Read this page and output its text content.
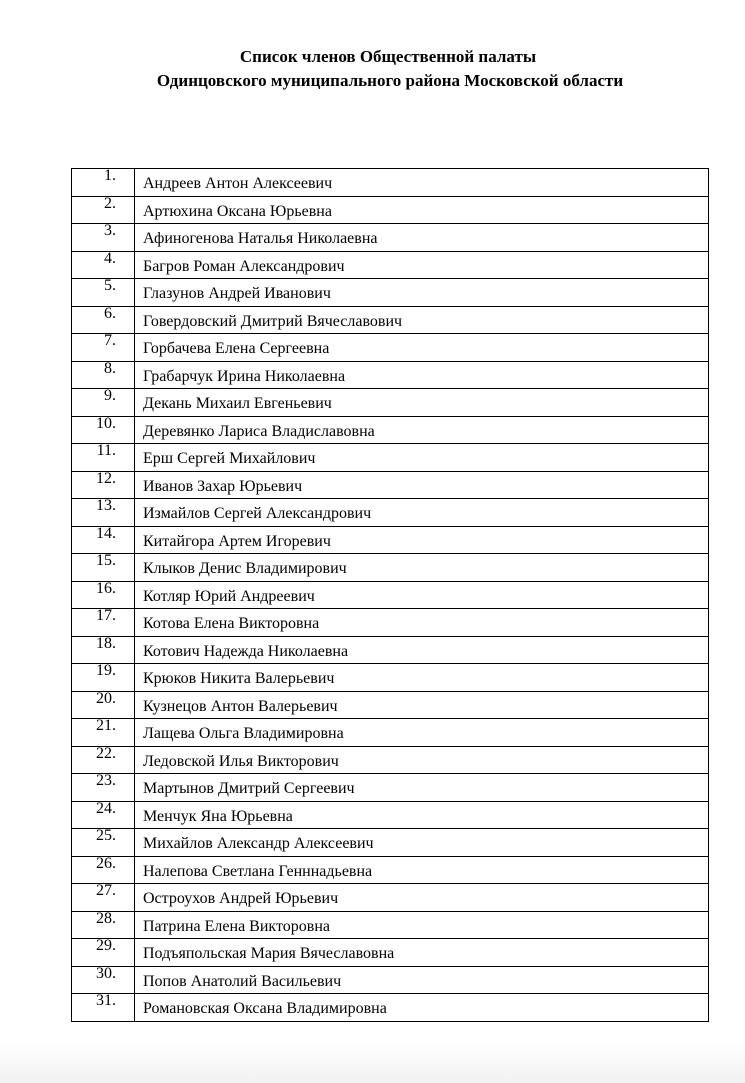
Список членов Общественной палаты
Одинцовского муниципального района Московской области
1.	Андреев Антон Алексеевич
2.	Артюхина Оксана Юрьевна
3.	Афиногенова Наталья Николаевна
4.	Багров Роман Александрович
5.	Глазунов Андрей Иванович
6.	Говердовский Дмитрий Вячеславович
7.	Горбачева Елена Сергеевна
8.	Грабарчук Ирина Николаевна
9.	Декань Михаил Евгеньевич
10.	Деревянко Лариса Владиславовна
11.	Ерш Сергей Михайлович
12.	Иванов Захар Юрьевич
13.	Измайлов Сергей Александрович
14.	Китайгора Артем Игоревич
15.	Клыков Денис Владимирович
16.	Котляр Юрий Андреевич
17.	Котова Елена Викторовна
18.	Котович Надежда Николаевна
19.	Крюков Никита Валерьевич
20.	Кузнецов Антон Валерьевич
21.	Лащева Ольга Владимировна
22.	Ледовской Илья Викторович
23.	Мартынов Дмитрий Сергеевич
24.	Менчук Яна Юрьевна
25.	Михайлов Александр Алексеевич
26.	Налепова Светлана Генннадьевна
27.	Остроухов Андрей Юрьевич
28.	Патрина Елена Викторовна
29.	Подъяпольская Мария Вячеславовна
30.	Попов Анатолий Васильевич
31.	Романовская Оксана Владимировна
